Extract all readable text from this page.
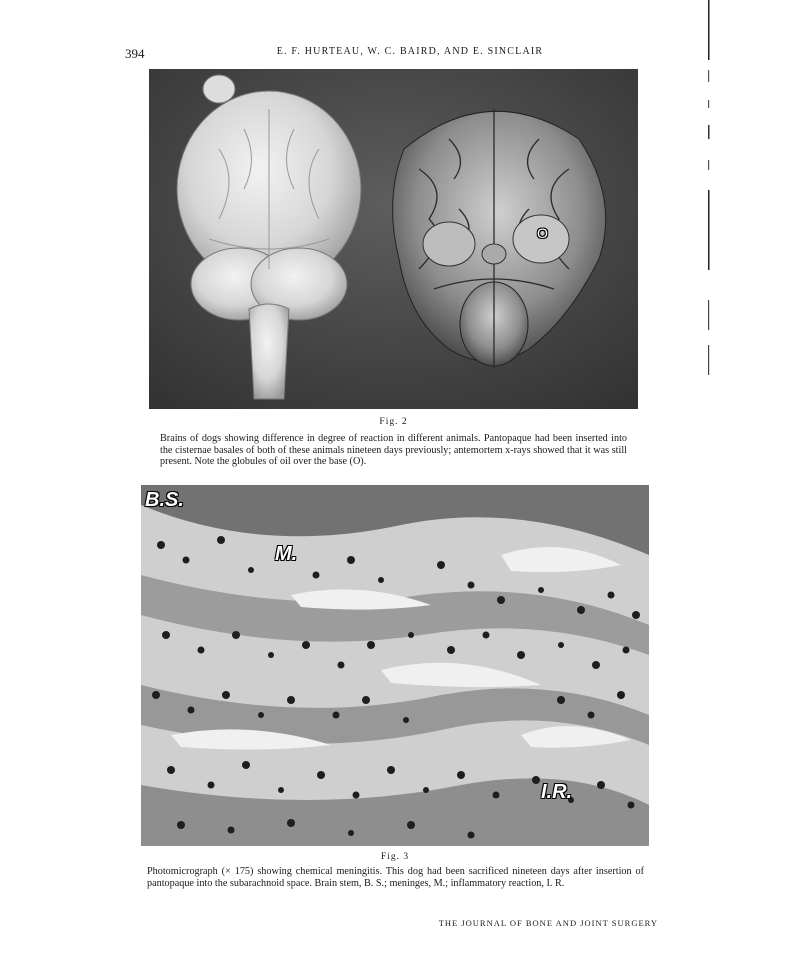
394	E. F. HURTEAU, W. C. BAIRD, AND E. SINCLAIR
O
Fig. 2
Brains of dogs showing difference in degree of reaction in different animals. Pantopaque had been inserted into the cisternae basales of both of these animals nineteen days previously; antemortem x-rays showed that it was still present. Note the globules of oil over the base (O).
B.S.
M.
I.R.
Fig. 3
Photomicrograph (× 175) showing chemical meningitis. This dog had been sacrificed nineteen days after insertion of pantopaque into the subarachnoid space. Brain stem, B. S.; meninges, M.; inflammatory reaction, I. R.
THE JOURNAL OF BONE AND JOINT SURGERY
